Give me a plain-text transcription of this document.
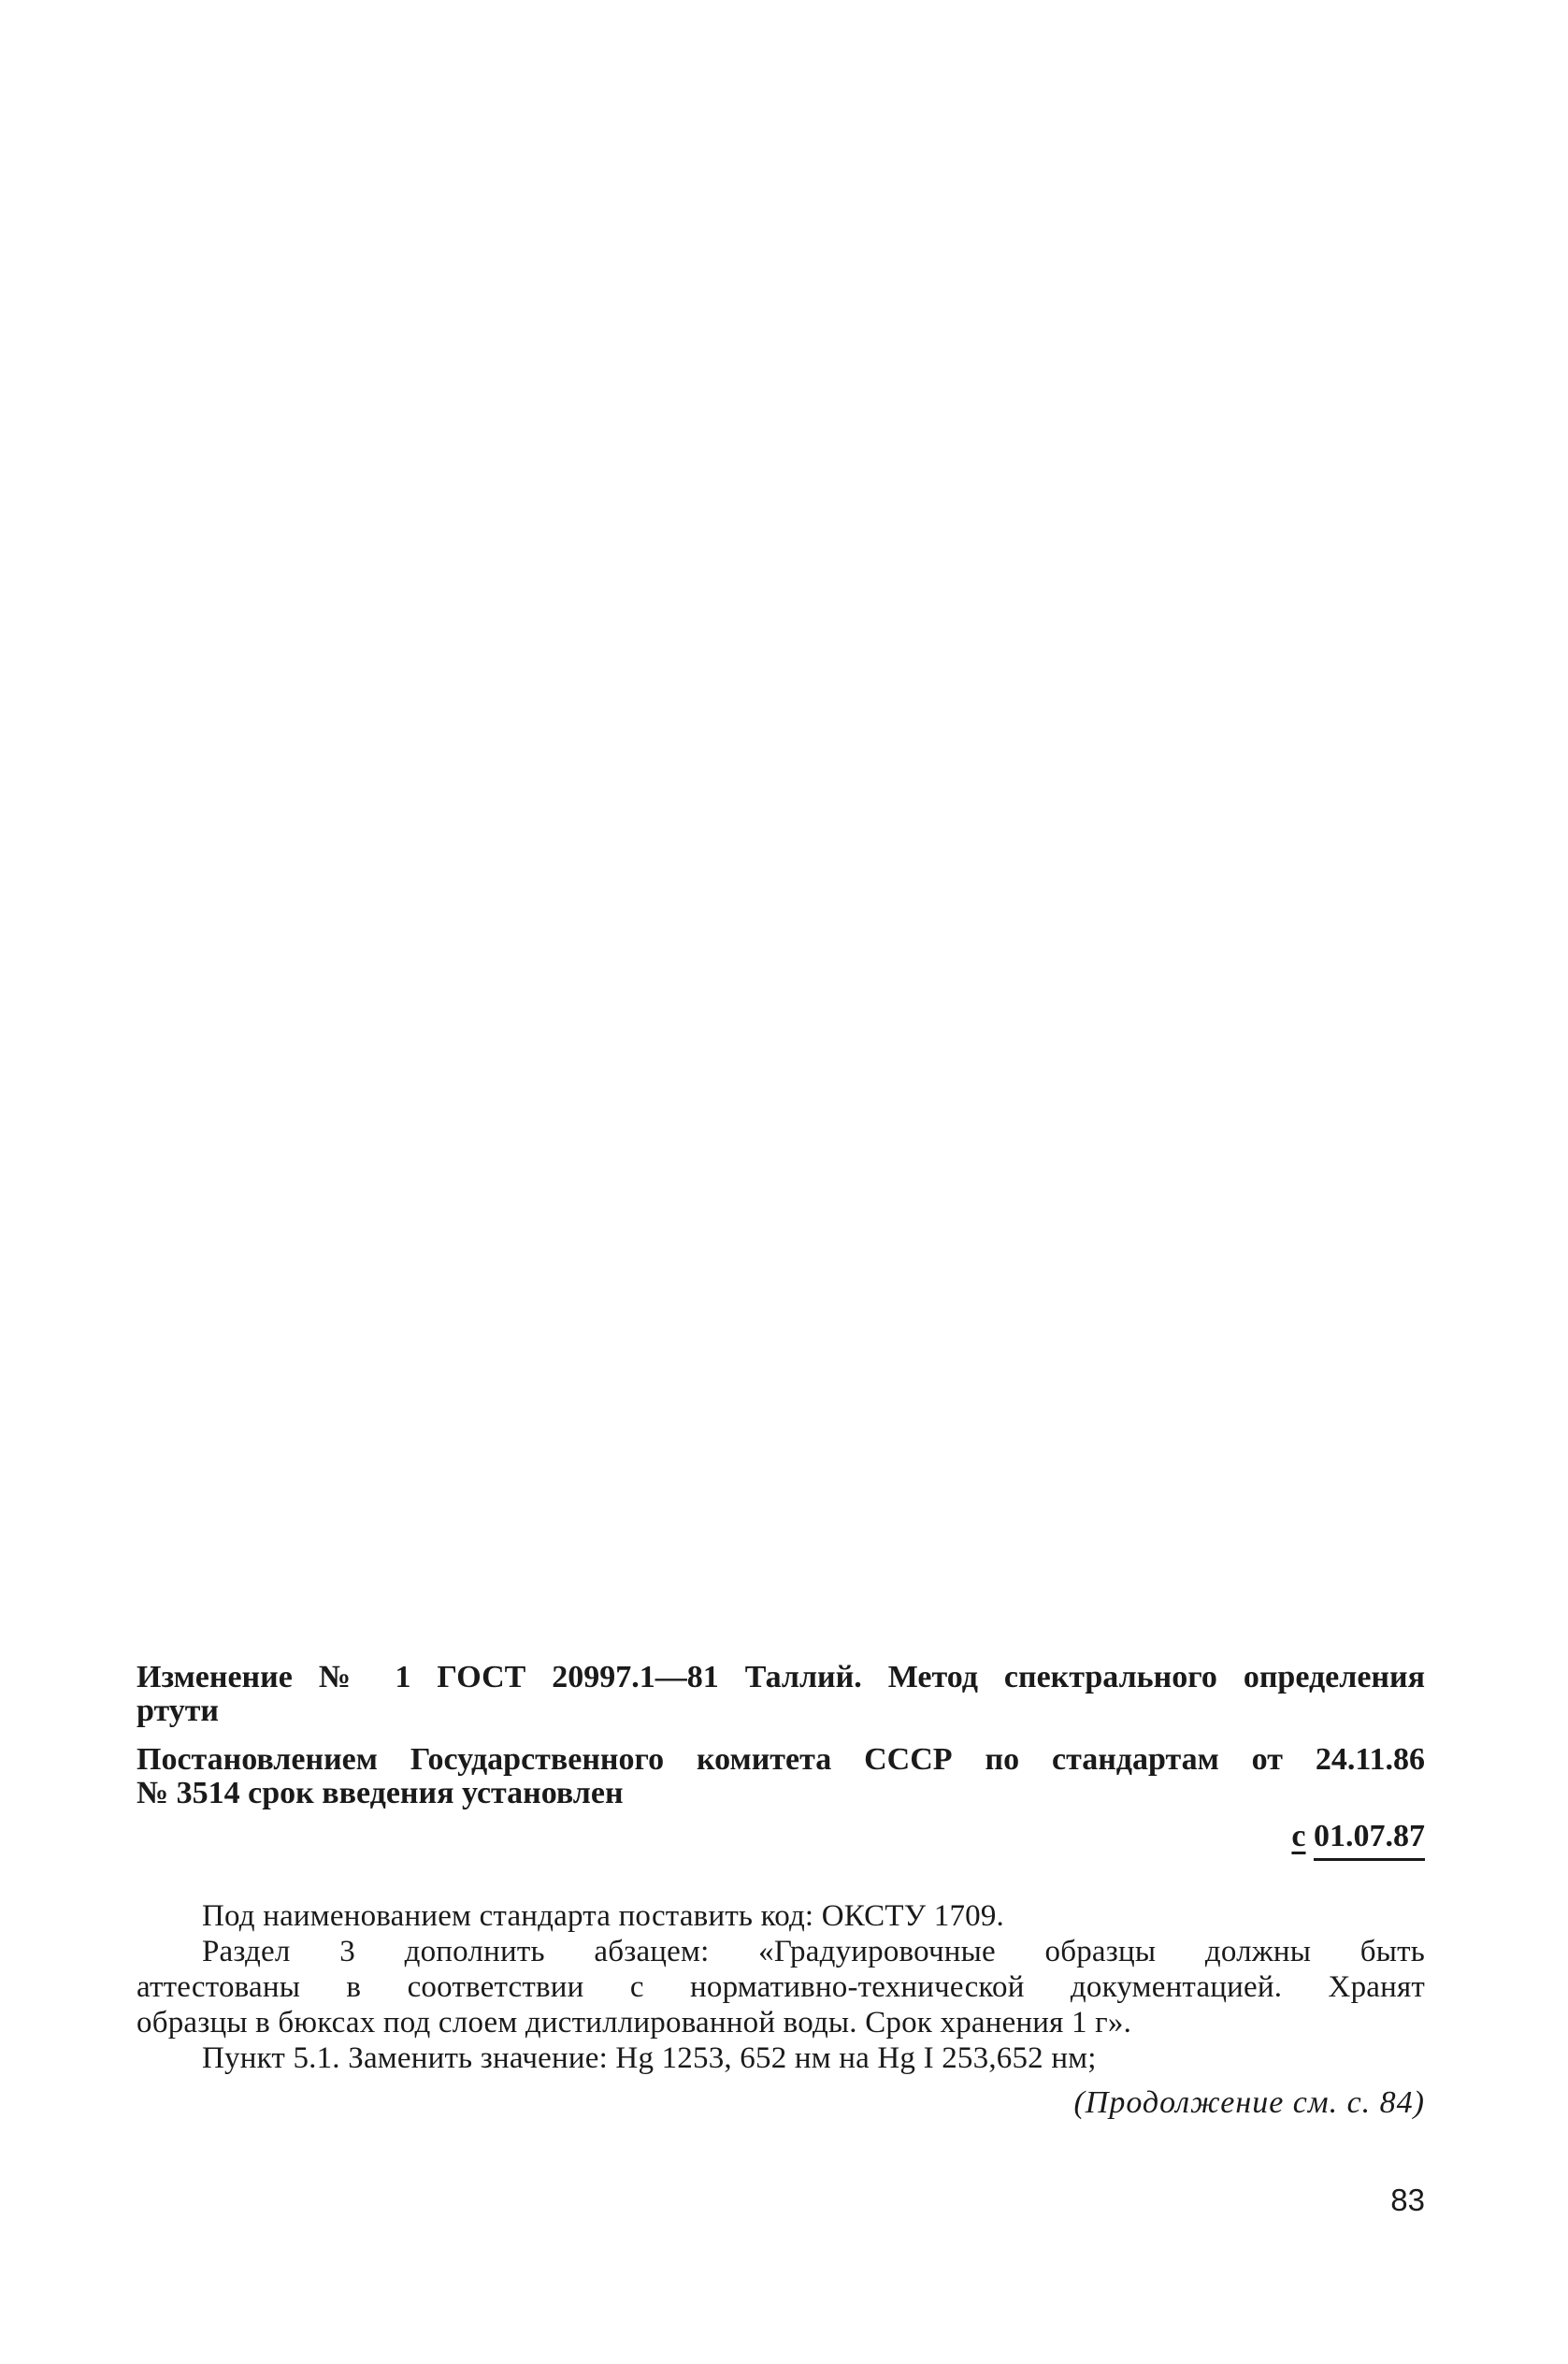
Изменение № 1 ГОСТ 20997.1—81 Таллий. Метод спектрального определения
ртути
Постановлением Государственного комитета СССР по стандартам от 24.11.86
№ 3514 срок введения установлен
с 01.07.87
Под наименованием стандарта поставить код: ОКСТУ 1709.
Раздел 3 дополнить абзацем: «Градуировочные образцы должны быть
аттестованы в соответствии с нормативно-технической документацией. Хранят
образцы в бюксах под слоем дистиллированной воды. Срок хранения 1 г».
Пункт 5.1. Заменить значение: Hg 1253, 652 нм на Hg I 253,652 нм;
(Продолжение см. с. 84)
83
